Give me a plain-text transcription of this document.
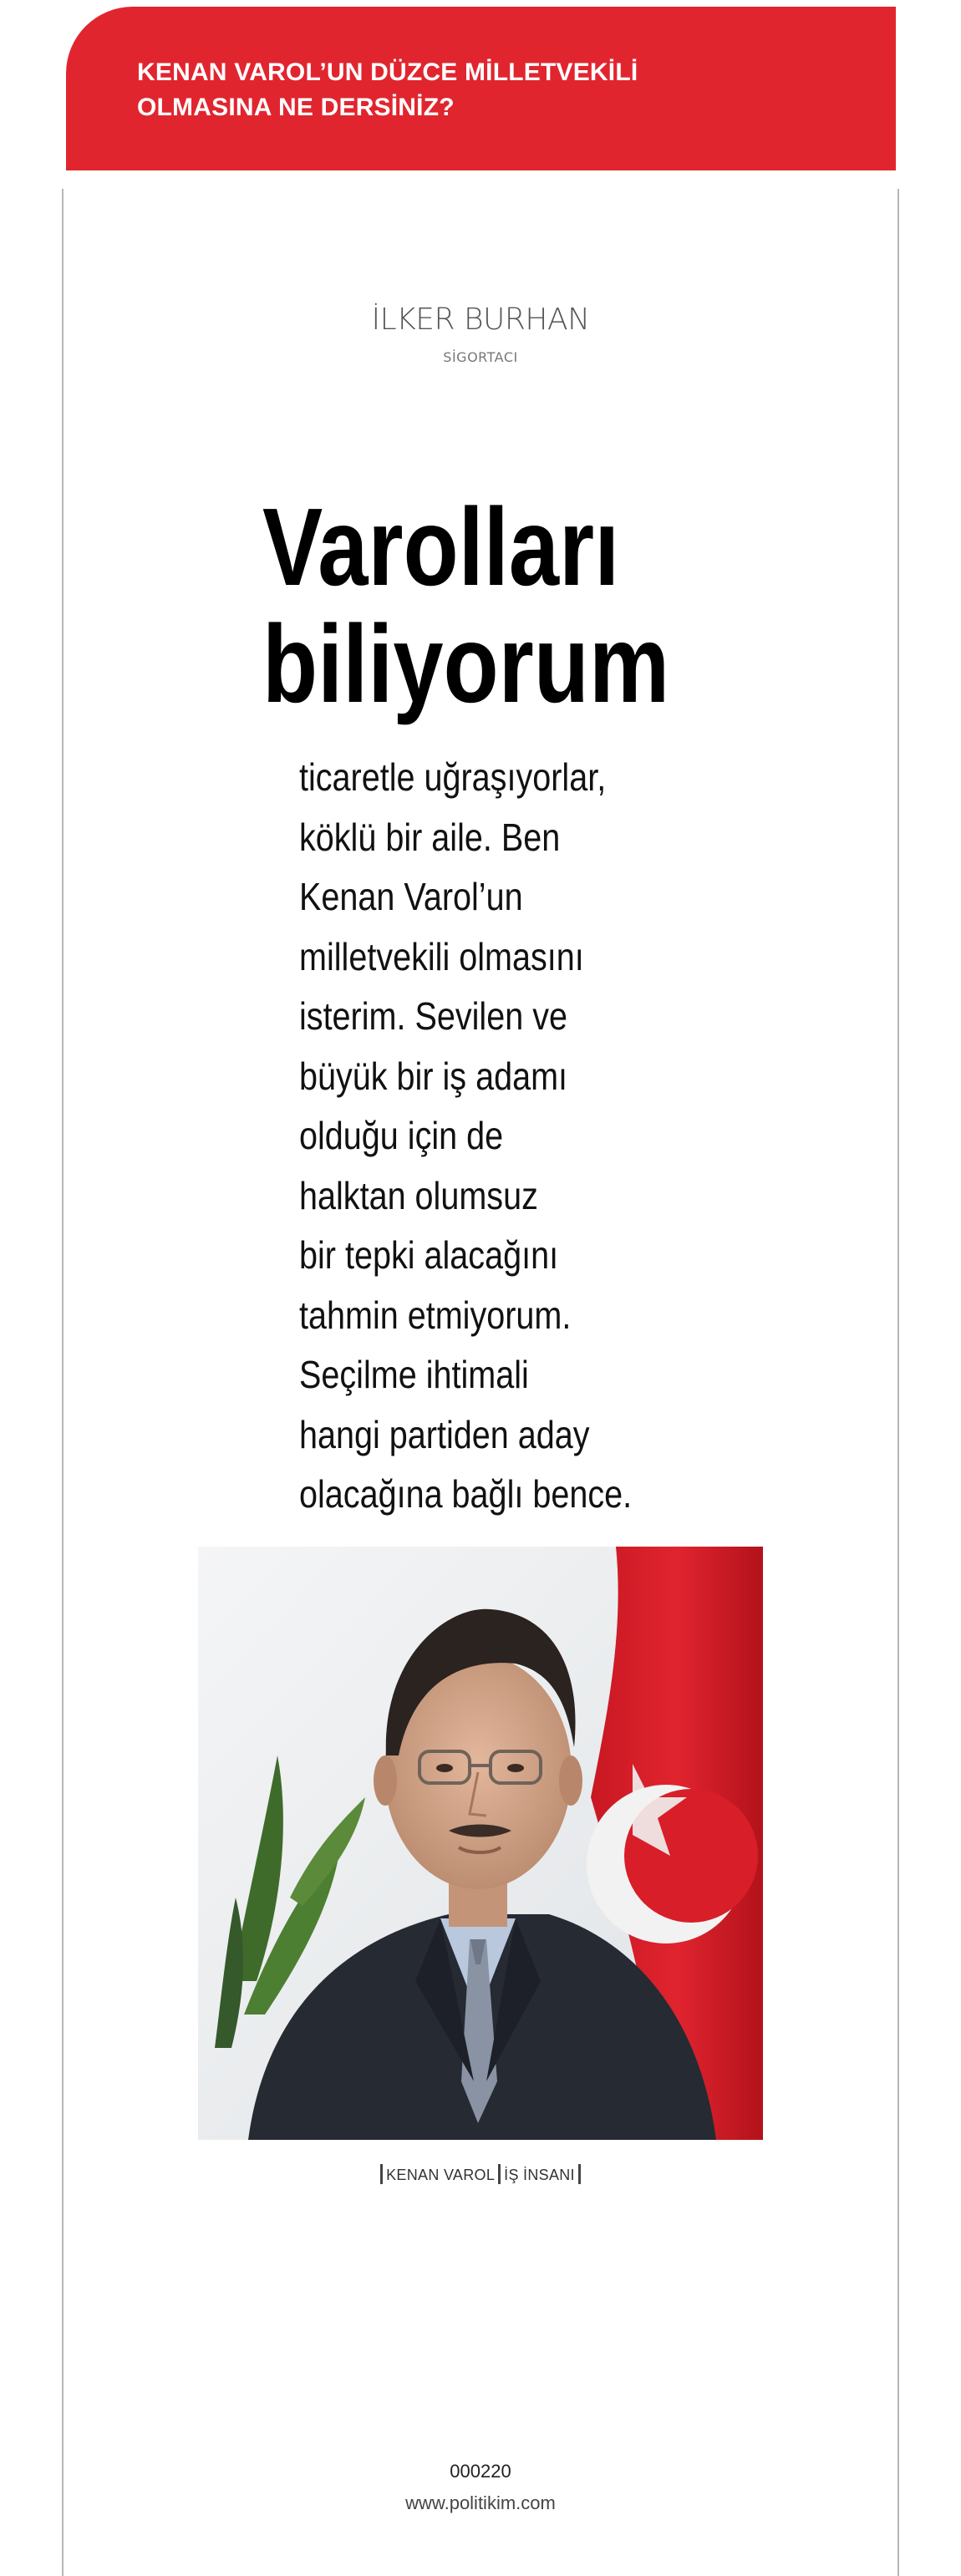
KENAN VAROL’UN DÜZCE MİLLETVEKİLİ
OLMASINA NE DERSİNİZ?
İLKER BURHAN
SİGORTACI
Varolları
biliyorum
ticaretle uğraşıyorlar,
köklü bir aile. Ben
Kenan Varol’un
milletvekili olmasını
isterim. Sevilen ve
büyük bir iş adamı
olduğu için de
halktan olumsuz
bir tepki alacağını
tahmin etmiyorum.
Seçilme ihtimali
hangi partiden aday
olacağına bağlı bence.
KENAN VAROL İŞ İNSANI
000220
www.politikim.com
